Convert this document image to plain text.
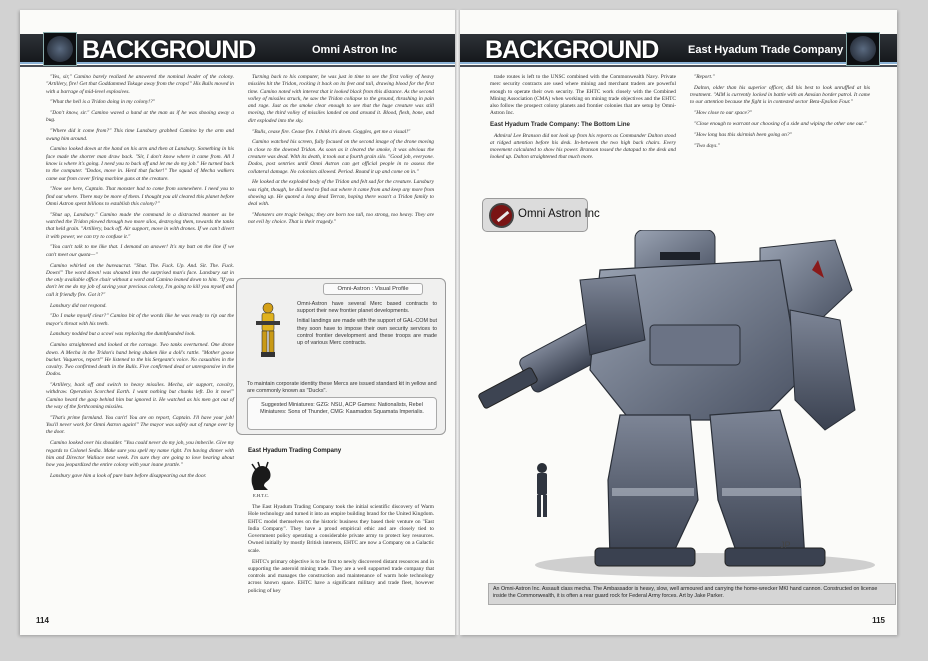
BACKGROUND	Omni Astron Inc

"Yes, sir," Camino barely realized he answered the nominal leader of the colony. "Artillery, fire! Get that Goddammed Tokage away from the crops!" His Bulls moved in with a barrage of mid-level explosives.

"What the hell is a Tridon doing in my colony!?"

"Don't know, sir." Camino waved a hand at the man as if he was shooing away a bug.

"Where did it come from?" This time Lansbury grabbed Camino by the arm and swung him around.

Camino looked down at the hand on his arm and then at Lansbury. Something in his face made the shorter man draw back. "Sir, I don't know where it came from. All I know is where it's going. I need you to back off and let me do my job." He turned back to the computer. "Dodos, move in. Herd that fucker!" The squad of Mecha walkers came out from cover firing machine guns at the creature.

"Now see here, Captain. That monster had to come from somewhere. I need you to find out where. There may be more of them. I thought you all cleared this planet before Omni Astron spent billions to establish this colony?"

"Shut up, Lansbury." Camino made the command in a distracted manner as he watched the Tridon plowed through two more silos, destroying them, towards the tanks that held grain. "Artillery, back off. Air support, move in with drones. If we can't divert it with power, we can try to confuse it."

"You can't talk to me like that. I demand an answer! It's my butt on the line if we can't meet our quota—"

Camino whirled on the bureaucrat. "Shut. The. Fuck. Up. And. Sit. The. Fuck. Down!" The word down! was shouted into the surprised man's face. Lansbury sat in the only available office chair without a word and Camino leaned down to him. "If you don't let me do my job of saving your precious colony, I'm going to kill you myself and call it friendly fire. Got it?"

Lansbury did not respond.

"Do I make myself clear?" Camino bit of the words like he was ready to rip out the mayor's throat with his teeth.

Lansbury nodded but a scowl was replacing the dumbfounded look.

Camino straightened and looked at the carnage. Two tanks overturned. One drone down. A Mecha in the Tridon's hand being shaken like a doll's rattle. "Mother goose bucket. Vaqueros, report!" He listened to the his Sergeant's voice. No casualties in the cavalry. Two confirmed death in the Bulls. Five confirmed dead or unresponsive in the Dodos.

"Artillery, back off and switch to heavy missiles. Mecha, air support, cavalry, withdraw. Operation Scorched Earth. I want nothing but chunks left. Do it now!" Camino heard the gasp behind him but ignored it. He watched as his men got out of the way of the forthcoming missiles.

"That's prime farmland. You can't! You are on report, Captain. I'll have your job! You'll never work for Omni Astron again!" The mayor was safely out of range over by the door.

Camino looked over his shoulder. "You could never do my job, you imbecile. Give my regards to Colonel Sedia. Make sure you spell my name right. I'm having dinner with him and Director Wallace next week. I'm sure they are going to love hearing about how you jeopardized the entire colony with your inane prattle."

Lansbury gave him a look of pure hate before disappearing out the door.

Turning back to his computer, he was just in time to see the first volley of heavy missiles hit the Tridon, rocking it back on its feet and tail, drawing blood for the first time. Camino noted with interest that it looked black from this distance. As the second volley of missiles struck, he saw the Tridon collapse to the ground, thrashing in pain and rage. Just as the smoke clear enough to see that the huge creature was still moving, the third volley of missiles landed on and around it. Blood, flesh, bone, and dirt exploded into the sky.

"Bulls, cease fire. Cease fire. I think it's down. Goggles, get me a visual!"

Camino watched his screen, fully focused on the second image of the drone moving in close to the downed Tridon. As soon as it cleared the smoke, it was obvious the creature was dead. With its death, it took out a fourth grain silo. "Good job, everyone. Dodos, post sentries until Omni Astron can get official people in to assess the collateral damage. No colonists allowed. Period. Round it up and come on in."

He looked at the exploded body of the Tridon and felt sad for the creature. Lansbury was right, though, he did need to find out where it came from and keep any more from showing up. He quoted a long dead Terran, hoping there wasn't a Tridon family to deal with.

"Monsters are tragic beings; they are born too tall, too strong, too heavy. They are not evil by choice. That is their tragedy."

Omni-Astron : Visual Profile

Omni-Astron have several Merc based contracts to support their new frontier planet developments.

Initial landings are made with the support of GAL-COM but they soon have to impose their own security services to control frontier development and these troops are made up of various Merc contracts.

To maintain corporate identity these Mercs are issued standard kit in yellow and are commonly known as "Ducks".
Suggested Miniatures: GZG: NSU, ACP Games: Nationalists, Rebel Miniatures: Sons of Thunder, CMG: Kaamados Squamata Imperialis.
East Hyadum Trading Company
E.H.T.C.

The East Hyadum Trading Company took the initial scientific discovery of Warm Hole technology and turned it into an empire building brand for the United Kingdom. EHTC model themselves on the historic business they based their venture on "East India Company". They have a proud empirical ethic and are closely tied to Government policy operating a considerable private army to protect key resources. Owned initially by mostly British interests, EHTC are now a Company on a Galactic scale.

EHTC's primary objective is to be first to newly discovered distant resources and in supporting the asteroid mining trade. They are a well supported trade company that controls and manages the construction and maintenance of warm hole technology across known space. EHTC have a significant military and trade fleet, however policing of key

114
BACKGROUND	East Hyadum Trade Company

trade routes is left to the UNSC combined with the Commonwealth Navy. Private merc security contracts are used where mining and merchant traders are powerful enough to operate their own security. The EHTC work closely with the Combined Mining Association (CMA) when working on mining trade objectives and the EHTC also follow the prospect colony planets and frontier colonies that are setup by Omni-Astron Inc.

East Hyadum Trade Company: The Bottom Line

Admiral Lee Branson did not look up from his reports as Commander Dalton stood at ridged attention before his desk. In-between the two high back chairs. Every movement calculated to show his power. Branson tossed the datapad to the desk and looked up. Dalton straightened that much more.

"Report."

Dalton, older than his superior officer, did his best to look unruffled at his treatment. "AIM is currently locked in battle with an Amsian border patrol. It came to our attention because the fight is in contested sector Beta-Epsilon Four."

"How close to our space?"

"Close enough to warrant our choosing of a side and wiping the other one out."

"How long has this skirmish been going on?"

"Two days."

JP
Omni Astron Inc
An Omni-Astron Inc. Assault class mecha. The Ambassador is heavy, slow, well armoured and carrying the home-wrecker MKI hand cannon. Constructed on license inside the Commonwealth, it is often a rear guard rock for Federal Army forces. Art by Jake Parker.
115
